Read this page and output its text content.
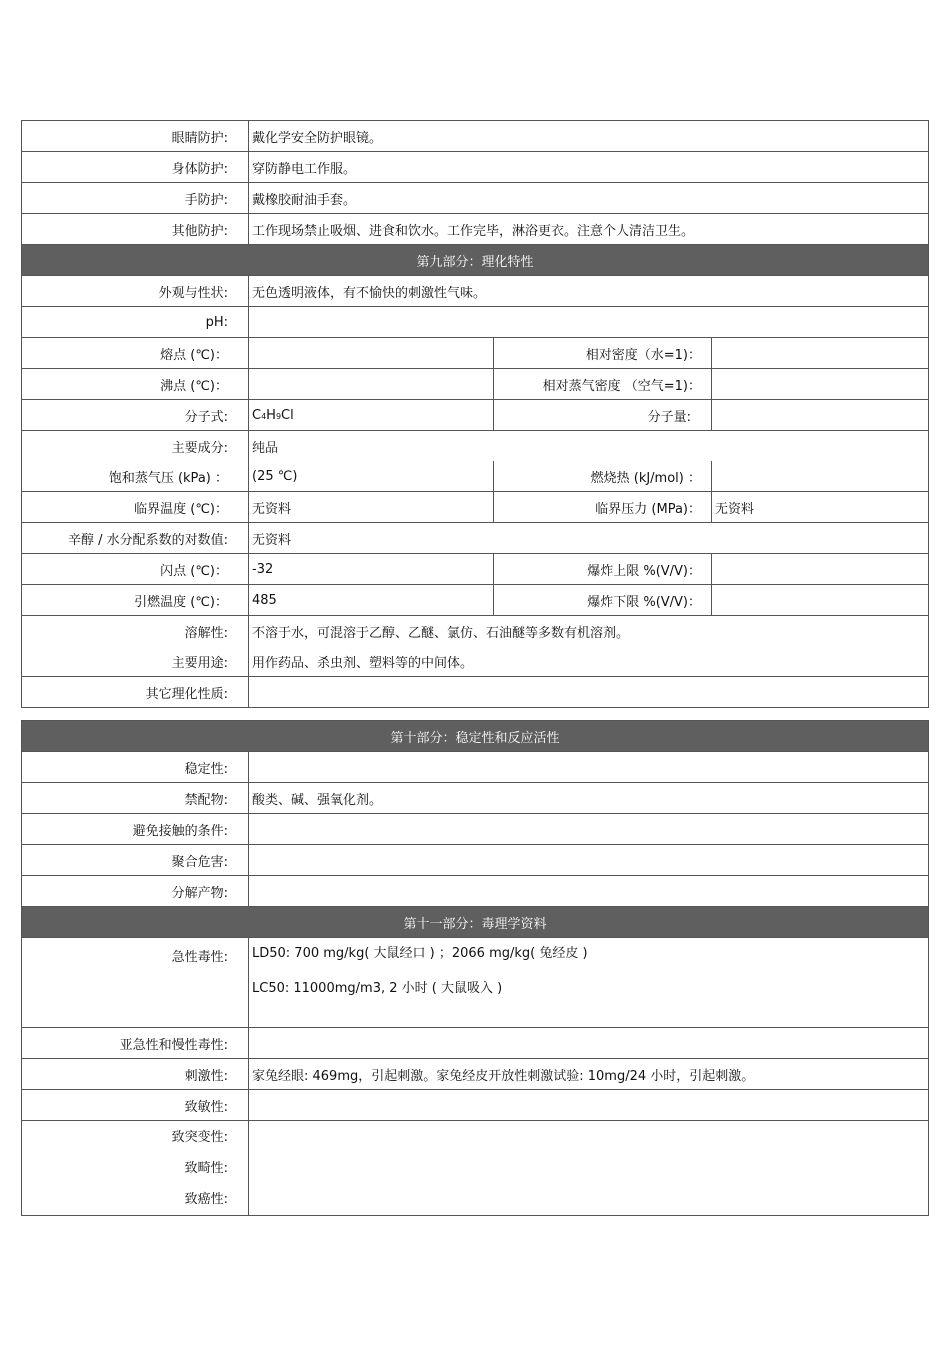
眼睛防护:	戴化学安全防护眼镜。		
身体防护:	穿防静电工作服。		
手防护:	戴橡胶耐油手套。		
其他防护:	工作现场禁止吸烟、进食和饮水。工作完毕，淋浴更衣。注意个人清洁卫生。		
第九部分：理化特性			
外观与性状:	无色透明液体，有不愉快的刺激性气味。		
pH:			
熔点 (℃)：		相对密度（水=1)：	
沸点 (℃)：		相对蒸气密度 （空气=1)：	
分子式:	C4H9Cl	分子量:	
主要成分:	纯品		
饱和蒸气压 (kPa) ：	(25 ℃)	燃烧热 (kJ/mol) ：	
临界温度 (℃)：	无资料	临界压力 (MPa)：	无资料
辛醇 / 水分配系数的对数值:	无资料		
闪点 (℃)：	-32	爆炸上限 %(V/V)：	
引燃温度 (℃)：	485	爆炸下限 %(V/V)：	
溶解性:	不溶于水，可混溶于乙醇、乙醚、氯仿、石油醚等多数有机溶剂。		
主要用途:	用作药品、杀虫剂、塑料等的中间体。		
其它理化性质:			
第十部分：稳定性和反应活性	
稳定性:	
禁配物:	酸类、碱、强氧化剂。
避免接触的条件:	
聚合危害:	
分解产物:	
第十一部分：毒理学资料	
急性毒性:	LD50: 700 mg/kg( 大鼠经口 ) ；2066 mg/kg( 兔经皮 )
LC50: 11000mg/m3, 2 小时 ( 大鼠吸入 )

亚急性和慢性毒性:	
刺激性:	家兔经眼: 469mg，引起刺激。家兔经皮开放性刺激试验: 10mg/24 小时，引起刺激。
致敏性:	

致突变性:
致畸性:
致癌性:	
